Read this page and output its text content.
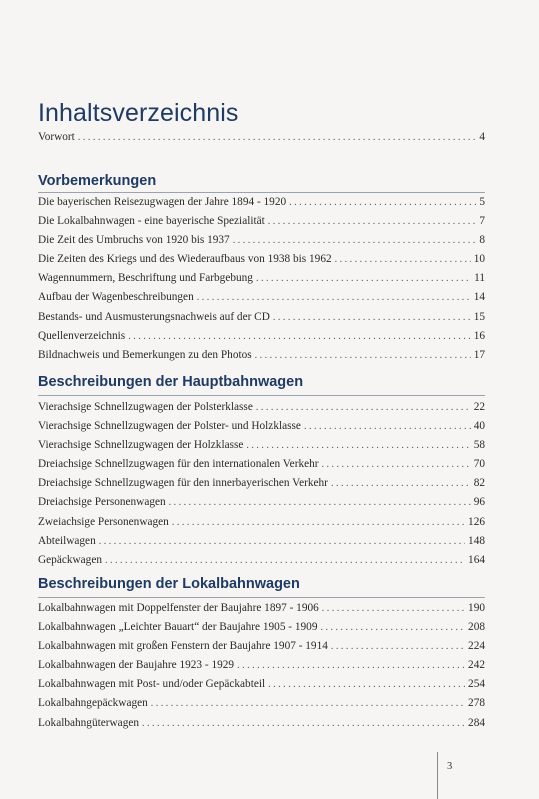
Inhaltsverzeichnis
Vorwort . . .	4
Vorbemerkungen
Die bayerischen Reisezugwagen der Jahre 1894 - 1920 . . .	5
Die Lokalbahnwagen - eine bayerische Spezialität . . .	7
Die Zeit des Umbruchs von 1920 bis 1937 . . .	8
Die Zeiten des Kriegs und des Wiederaufbaus von 1938 bis 1962 . . .	10
Wagennummern, Beschriftung und Farbgebung . . .	11
Aufbau der Wagenbeschreibungen . . .	14
Bestands- und Ausmusterungsnachweis auf der CD . . .	15
Quellenverzeichnis . . .	16
Bildnachweis und Bemerkungen zu den Photos . . .	17
Beschreibungen der Hauptbahnwagen
Vierachsige Schnellzugwagen der Polsterklasse . . .	22
Vierachsige Schnellzugwagen der Polster- und Holzklasse . . .	40
Vierachsige Schnellzugwagen der Holzklasse . . .	58
Dreiachsige Schnellzugwagen für den internationalen Verkehr . . .	70
Dreiachsige Schnellzugwagen für den innerbayerischen Verkehr . . .	82
Dreiachsige Personenwagen . . .	96
Zweiachsige Personenwagen . . .	126
Abteilwagen . . .	148
Gepäckwagen . . .	164
Beschreibungen der Lokalbahnwagen
Lokalbahnwagen mit Doppelfenster der Baujahre 1897 - 1906 . . .	190
Lokalbahnwagen „Leichter Bauart“ der Baujahre 1905 - 1909 . . .	208
Lokalbahnwagen mit großen Fenstern der Baujahre 1907 - 1914 . . .	224
Lokalbahnwagen der Baujahre 1923 - 1929 . . .	242
Lokalbahnwagen mit Post- und/oder Gepäckabteil . . .	254
Lokalbahngepäckwagen . . .	278
Lokalbahngüterwagen . . .	284
3
